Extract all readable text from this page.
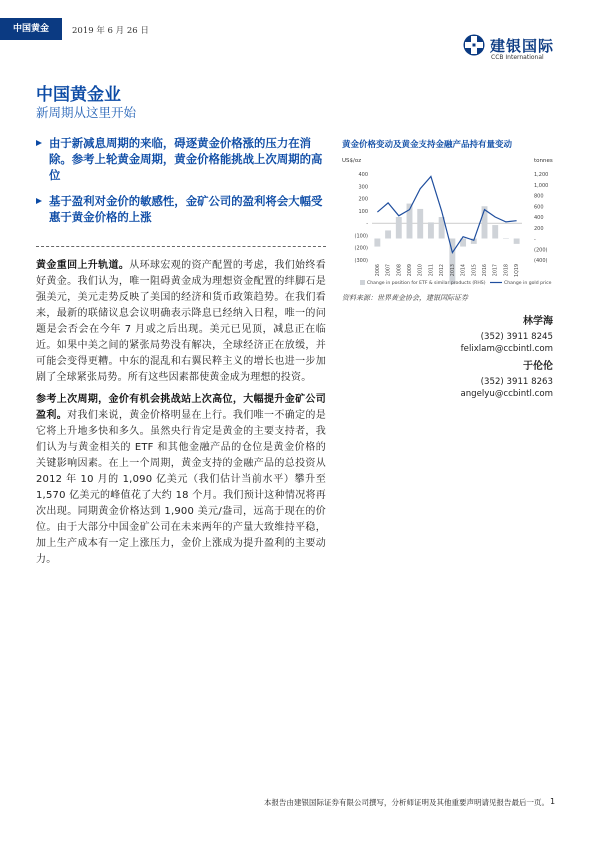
中国黄金	2019 年 6 月 26 日
建银国际
CCB International
中国黄金业
新周期从这里开始
由于新减息周期的来临，碍逐黄金价格涨的压力在消除。参考上轮黄金周期，黄金价格能挑战上次周期的高位
基于盈利对金价的敏感性，金矿公司的盈利将会大幅受惠于黄金价格的上涨
黄金重回上升轨道。从环球宏观的资产配置的考虑，我们始终看好黄金。我们认为，唯一阻碍黄金成为理想资金配置的绊脚石是强美元，美元走势反映了美国的经济和货币政策趋势。在我们看来，最新的联储议息会议明确表示降息已经纳入日程，唯一的问题是会否会在今年 7 月或之后出现。美元已见顶，减息正在临近。如果中美之间的紧张局势没有解决，全球经济正在放缓，并可能会变得更糟。中东的混乱和右翼民粹主义的增长也进一步加剧了全球紧张局势。所有这些因素都使黄金成为理想的投资。
参考上次周期，金价有机会挑战站上次高位，大幅提升金矿公司盈利。对我们来说，黄金价格明显在上行。我们唯一不确定的是它将上升地多快和多久。虽然央行肯定是黄金的主要支持者，我们认为与黄金相关的 ETF 和其他金融产品的仓位是黄金价格的关键影响因素。在上一个周期，黄金支持的金融产品的总投资从 2012 年 10 月的 1,090 亿美元（我们估计当前水平）攀升至 1,570 亿美元的峰值花了大约 18 个月。我们预计这种情况将再次出现。同期黄金价格达到 1,900 美元/盎司，远高于现在的价位。由于大部分中国金矿公司在未来两年的产量大致维持平稳，加上生产成本有一定上涨压力，金价上涨成为提升盈利的主要动力。
黄金价格变动及黄金支持金融产品持有量变动
US$/oz	tonnes
400
300
200
100
-
(100)
(200)
(300)
1,200
1,000
800
600
400
200
-
(200)
(400)
2006 2007 2008 2009 2010 2011 2012 2013 2014 2015 2016 2017 2018 1Q19
Change in position for ETF & similar products (RHS)	Change in gold price
资料来源：世界黄金协会，建银国际证券
林学海
(352) 3911 8245
felixlam@ccbintl.com
于伦伦
(352) 3911 8263
angelyu@ccbintl.com
本报告由建银国际证券有限公司撰写，分析师证明及其他重要声明请见报告最后一页。 1
